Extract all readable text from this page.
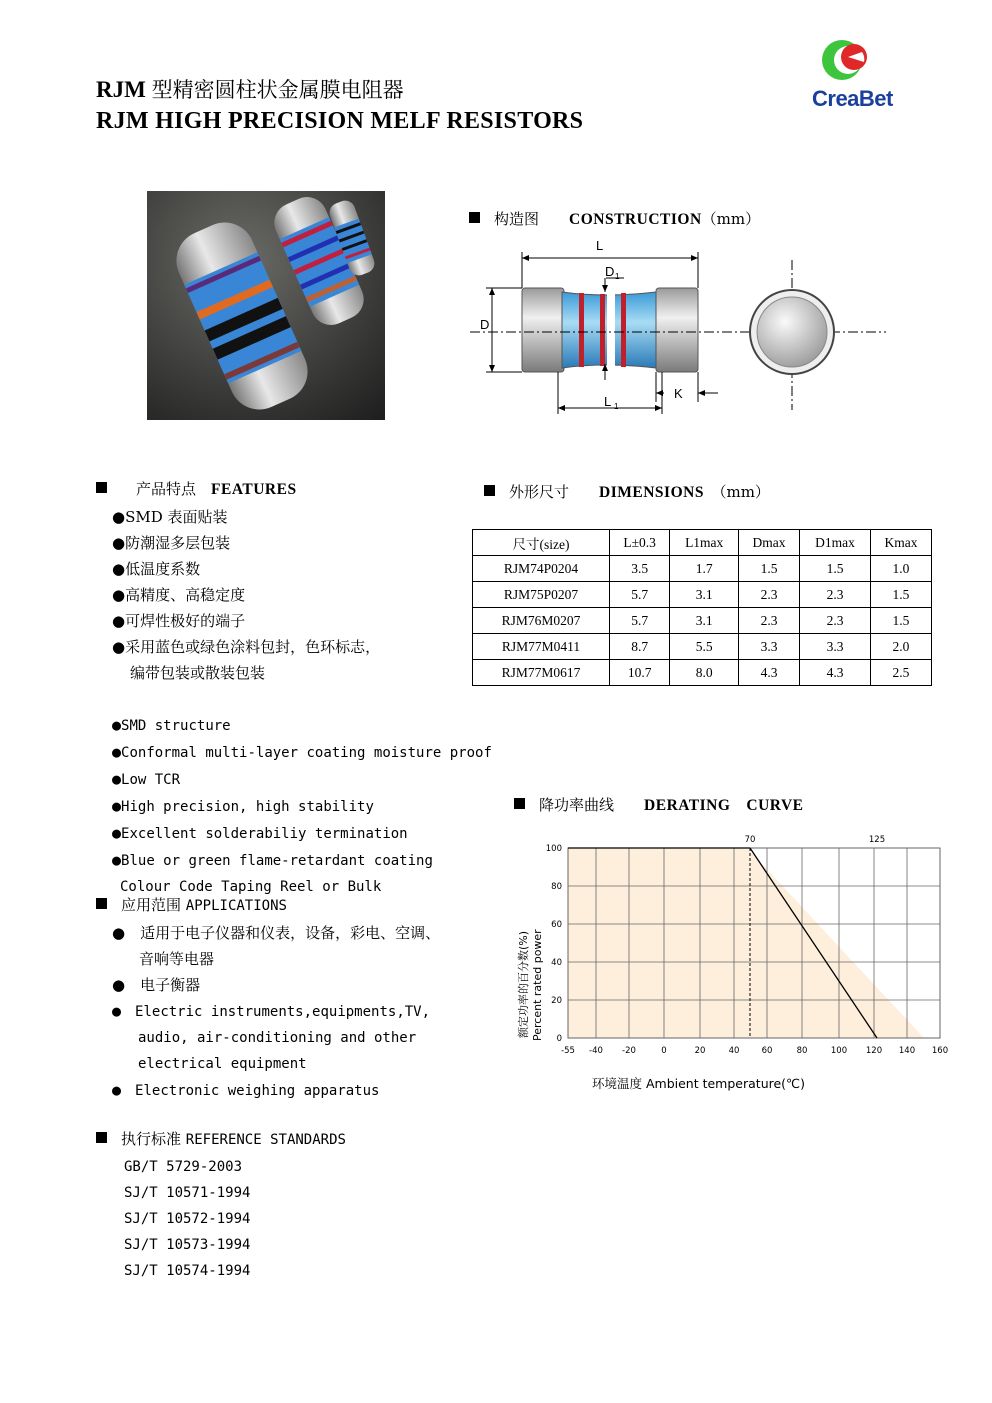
RJM 型精密圆柱状金属膜电阻器
RJM HIGH PRECISION MELF RESISTORS
CreaBet
构造图　　 CONSTRUCTION（mm）
L
D 1
D
L 1
K
　产品特点　 FEATURES
●SMD 表面贴装
●防潮湿多层包装
●低温度系数
●高精度、高稳定度
●可焊性极好的端子
●采用蓝色或绿色涂料包封，色环标志，
编带包装或散装包装
●SMD structure
●Conformal multi-layer coating moisture proof
●Low TCR
●High precision, high stability
●Excellent solderabiliy termination
●Blue or green flame-retardant coating
Colour Code Taping Reel or Bulk
外形尺寸　　 DIMENSIONS　 （mm）
尺寸(size)	L±0.3	L1max	Dmax	D1max	Kmax
RJM74P0204	3.5	1.7	1.5	1.5	1.0
RJM75P0207	5.7	3.1	2.3	2.3	1.5
RJM76M0207	5.7	3.1	2.3	2.3	1.5
RJM77M0411	8.7	5.5	3.3	3.3	2.0
RJM77M0617	10.7	8.0	4.3	4.3	2.5
降功率曲线　　 DERATING　CURVE
0
20
40
60
80
100
-55 -40 -20	0	20	40	60	80	100 120 140 160
70	125
额定功率的百分数(%) Percent rated power
环境温度 Ambient temperature(℃)
应用范围 APPLICATIONS
●　适用于电子仪器和仪表，设备，彩电、空调、
音响等电器
●　电子衡器
●　 Electric instruments,equipments,TV,
audio, air-conditioning and other
electrical equipment
●　 Electronic weighing apparatus
执行标准 REFERENCE STANDARDS
GB/T 5729-2003
SJ/T 10571-1994
SJ/T 10572-1994
SJ/T 10573-1994
SJ/T 10574-1994
